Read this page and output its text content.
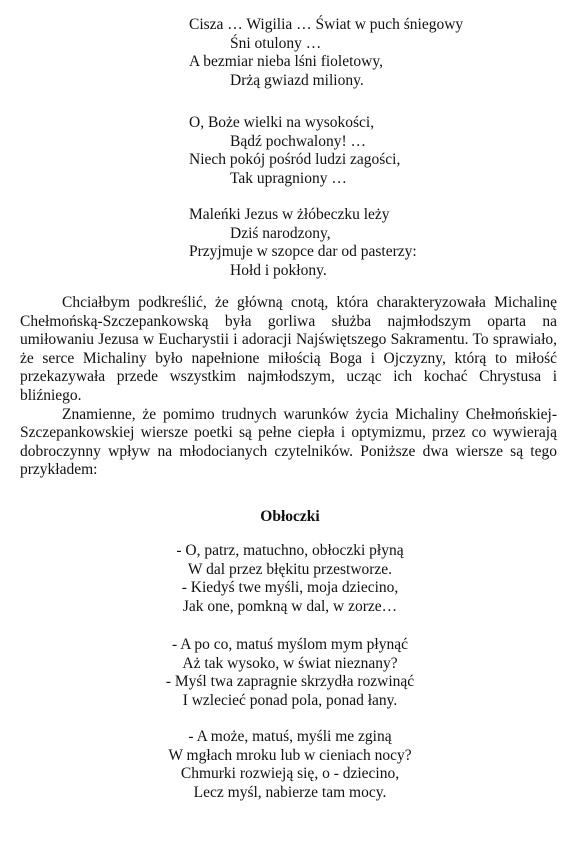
Cisza … Wigilia … Świat w puch śniegowy
Śni otulony …
A bezmiar nieba lśni fioletowy,
Drżą gwiazd miliony.
O, Boże wielki na wysokości,
Bądź pochwalony! …
Niech pokój pośród ludzi zagości,
Tak upragniony …
Maleńki Jezus w żłóbeczku leży
Dziś narodzony,
Przyjmuje w szopce dar od pasterzy:
Hołd i pokłony.

Chciałbym podkreślić, że główną cnotą, która charakteryzowała Michalinę Chełmońską-Szczepankowską była gorliwa służba najmłodszym oparta na umiłowaniu Jezusa w Eucharystii i adoracji Najświętszego Sakramentu. To sprawiało, że serce Michaliny było napełnione miłością Boga i Ojczyzny, którą to miłość przekazywała przede wszystkim najmłodszym, ucząc ich kochać Chrystusa i bliźniego.

Znamienne, że pomimo trudnych warunków życia Michaliny Chełmońskiej-Szczepankowskiej wiersze poetki są pełne ciepła i optymizmu, przez co wywierają dobroczynny wpływ na młodocianych czytelników. Poniższe dwa wiersze są tego przykładem:

Obłoczki
- O, patrz, matuchno, obłoczki płyną
W dal przez błękitu przestworze.
- Kiedyś twe myśli, moja dziecino,
Jak one, pomkną w dal, w zorze…
- A po co, matuś myślom mym płynąć
Aż tak wysoko, w świat nieznany?
- Myśl twa zapragnie skrzydła rozwinąć
I wzlecieć ponad pola, ponad łany.
- A może, matuś, myśli me zginą
W mgłach mroku lub w cieniach nocy?
Chmurki rozwieją się, o - dziecino,
Lecz myśl, nabierze tam mocy.
